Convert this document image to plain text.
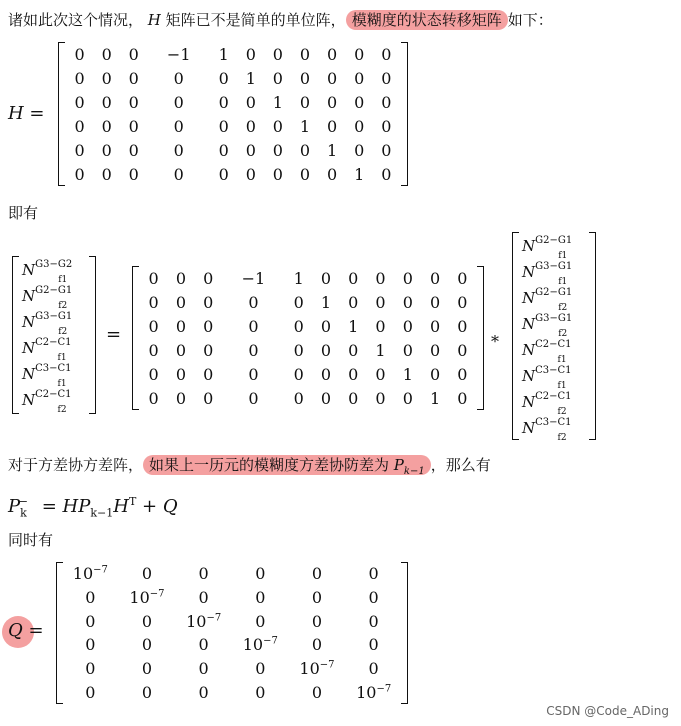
诸如此次这个情况， H 矩阵已不是简单的单位阵， 模糊度的状态转移矩阵 如下：
H =
0	0	0	−1	1	0	0	0	0	0	0
0	0	0	0	0	1	0	0	0	0	0
0	0	0	0	0	0	1	0	0	0	0
0	0	0	0	0	0	0	1	0	0	0
0	0	0	0	0	0	0	0	1	0	0
0	0	0	0	0	0	0	0	0	1	0
即有
$N^{G3-G2}_{f1}$
$N^{G2-G1}_{f2}$
$N^{G3-G1}_{f2}$
$N^{C2-C1}_{f1}$
$N^{C3-C1}_{f1}$
$N^{C2-C1}_{f2}$
=
0	0	0	−1	1	0	0	0	0	0	0
0	0	0	0	0	1	0	0	0	0	0
0	0	0	0	0	0	1	0	0	0	0
0	0	0	0	0	0	0	1	0	0	0
0	0	0	0	0	0	0	0	1	0	0
0	0	0	0	0	0	0	0	0	1	0
*
$N^{G2-G1}_{f1}$
$N^{G3-G1}_{f1}$
$N^{G2-G1}_{f2}$
$N^{G3-G1}_{f2}$
$N^{C2-C1}_{f1}$
$N^{C3-C1}_{f1}$
$N^{C2-C1}_{f2}$
$N^{C3-C1}_{f2}$
对于方差协方差阵， 如果上一历元的模糊度方差协防差为 $P_{k-1}$ ，那么有
$P_k^- = HP_{k-1}H^T + Q$
同时有
Q =
$10^{-7}$	0	0	0	0	0
0	$10^{-7}$	0	0	0	0
0	0	$10^{-7}$	0	0	0
0	0	0	$10^{-7}$	0	0
0	0	0	0	$10^{-7}$	0
0	0	0	0	0	$10^{-7}$
CSDN @Code_ADing
